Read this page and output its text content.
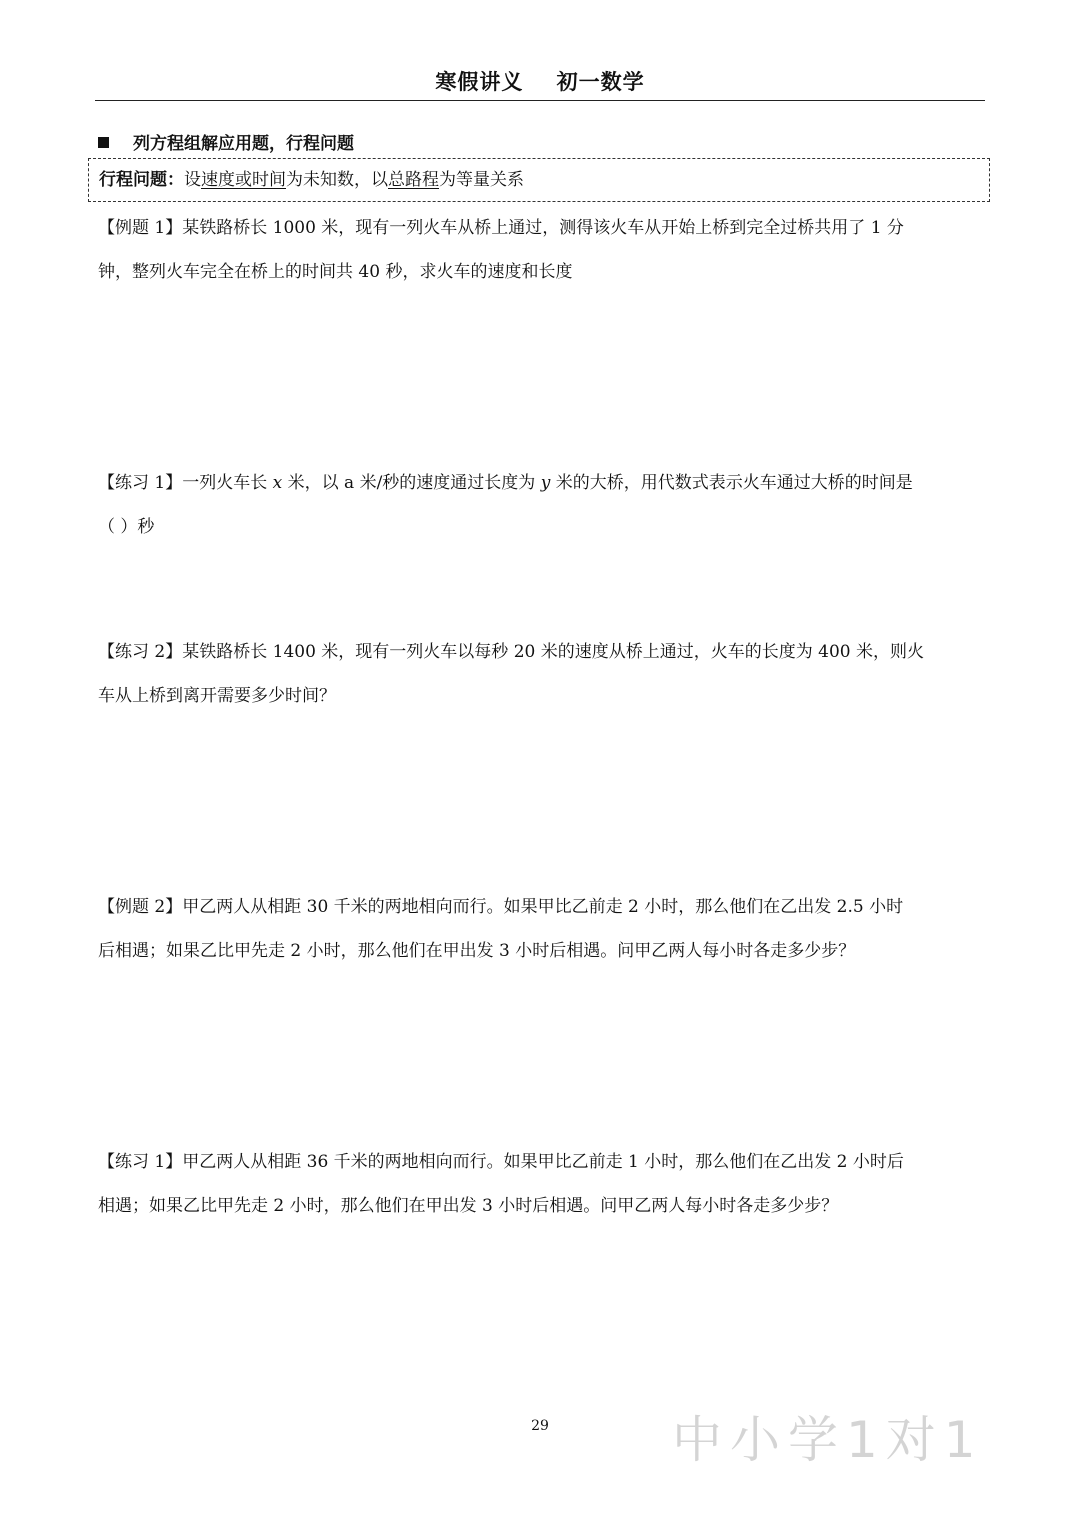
寒假讲义    初一数学
列方程组解应用题，行程问题
行程问题：设速度或时间为未知数，以总路程为等量关系
【例题 1】某铁路桥长 1000 米，现有一列火车从桥上通过，测得该火车从开始上桥到完全过桥共用了 1 分
钟，整列火车完全在桥上的时间共 40 秒，求火车的速度和长度
【练习 1】一列火车长 x 米，以 a 米/秒的速度通过长度为 y 米的大桥，用代数式表示火车通过大桥的时间是
（ ）秒
【练习 2】某铁路桥长 1400 米，现有一列火车以每秒 20 米的速度从桥上通过，火车的长度为 400 米，则火
车从上桥到离开需要多少时间？
【例题 2】甲乙两人从相距 30 千米的两地相向而行。如果甲比乙前走 2 小时，那么他们在乙出发 2.5 小时
后相遇；如果乙比甲先走 2 小时，那么他们在甲出发 3 小时后相遇。问甲乙两人每小时各走多少步？
【练习 1】甲乙两人从相距 36 千米的两地相向而行。如果甲比乙前走 1 小时，那么他们在乙出发 2 小时后
相遇；如果乙比甲先走 2 小时，那么他们在甲出发 3 小时后相遇。问甲乙两人每小时各走多少步？
29	中小学1对1
